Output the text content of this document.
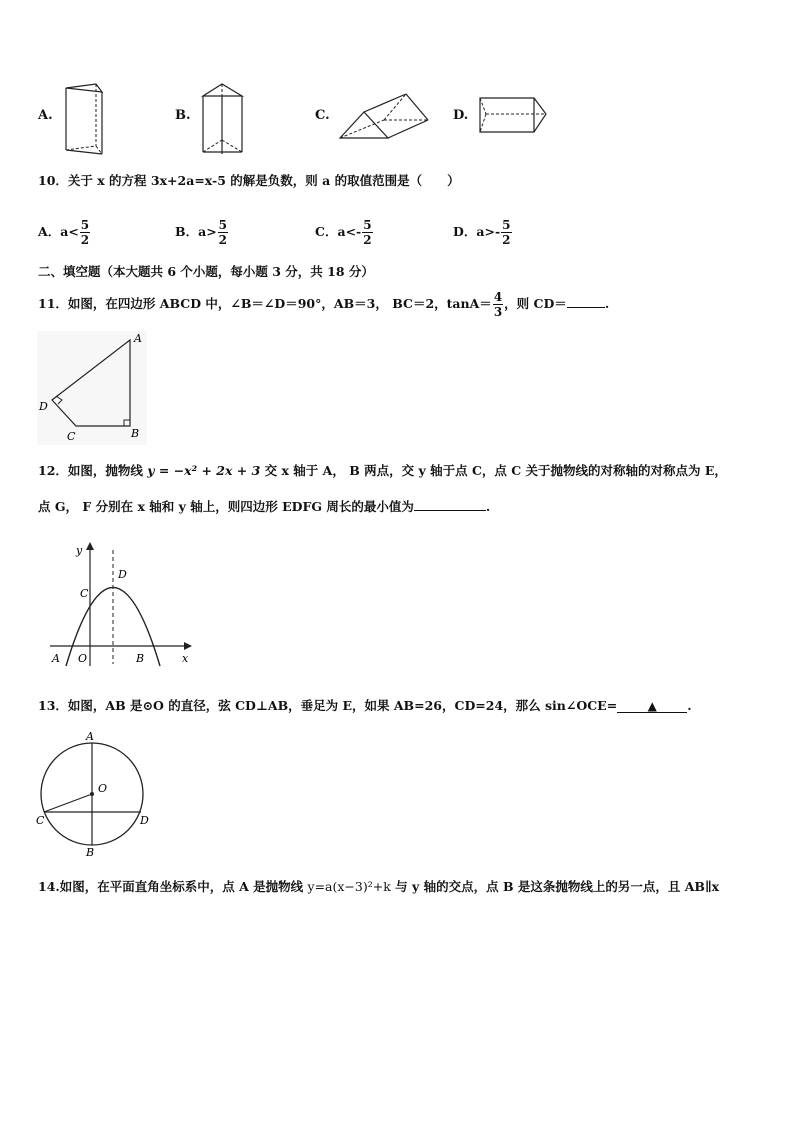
A.	B.	C.	D.
10．关于 x 的方程 3x+2a=x-5 的解是负数，则 a 的取值范围是（　　）
A．$a< \frac{5}{2}$	B．$a> \frac{5}{2}$	C．$a<- \frac{5}{2}$	D．$a>- \frac{5}{2}$
二、填空题（本大题共 6 个小题，每小题 3 分，共 18 分）
11．如图，在四边形 ABCD 中，∠B＝∠D＝90°，AB＝3， BC＝2，$\tan A= \frac{4}{3}$ ，则 CD＝	.
A
B
C
D
12．如图，抛物线 y = −x² + 2x + 3 交 x 轴于 A， B 两点，交 y 轴于点 C，点 C 关于抛物线的对称轴的对称点为 E，
点 G， F 分别在 x 轴和 y 轴上，则四边形 EDFG 周长的最小值为	.
y
x
C
D
A O	B
13．如图，AB 是⊙O 的直径，弦 CD⊥AB，垂足为 E，如果 AB=26，CD=24，那么 sin∠OCE=	▲ .
A
O
C	D
B
14.如图，在平面直角坐标系中，点 A 是抛物线 y=a(x−3)²+k 与 y 轴的交点，点 B 是这条抛物线上的另一点，且 AB∥x
